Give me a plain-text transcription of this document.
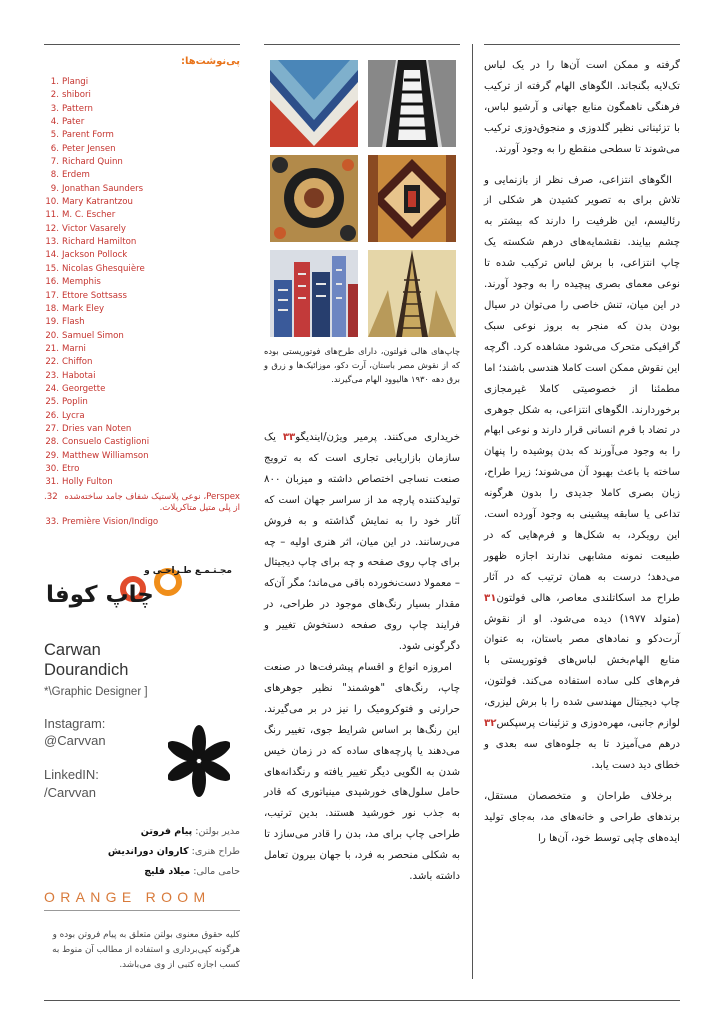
پی‌نوشت‌ها:
1. Plangi
2. shibori
3. Pattern
4. Pater
5. Parent Form
6. Peter Jensen
7. Richard Quinn
8. Erdem
9. Jonathan Saunders
10. Mary Katrantzou
11. M. C. Escher
12. Victor Vasarely
13. Richard Hamilton
14. Jackson Pollock
15. Nicolas Ghesquière
16. Memphis
17. Ettore Sottsass
18. Mark Eley
19. Flash
20. Samuel Simon
21. Marni
22. Chiffon
23. Habotai
24. Georgette
25. Poplin
26. Lycra
27. Dries van Noten
28. Consuelo Castiglioni
29. Matthew Williamson
30. Etro
31. Holly Fulton
32. Perspex، نوعی پلاستیک شفاف جامد ساخته‌شده از پلی متیل متاکریلات.
33. Première Vision/Indigo
مجـتـمـع طـراحـی و
چاپ کوفا
Carwan Dourandich
*\Graphic Designer ]
Instagram:
@Carvvan
LinkedIN:
/Carvvan
مدیر بولتن: پیام فروتن
طراح هنری: کاروان دوراندیش
حامی مالی: میلاد قلیچ
ORANGE ROOM
کلیه حقوق معنوی بولتن متعلق به پیام فروتن بوده و هرگونه کپی‌برداری و استفاده از مطالب آن منوط به کسب اجازه کتبی از وی می‌باشد.
چاپ‌های هالی فولتون، دارای طرح‌های فوتوریستی بوده که از نقوش مصر باستان، آرت دکو، موزائیک‌ها و زرق و برق دهه ۱۹۳۰ هالیوود الهام می‌گیرند.

خریداری می‌کنند. پرمیر ویژن/ایندیگو۳۳ یک سازمان بازاریابی تجاری است که به ترویج صنعت نساجی اختصاص داشته و میزبان ۸۰۰ تولیدکننده پارچه مد از سراسر جهان است که آثار خود را به نمایش گذاشته و به فروش می‌رسانند. در این میان، اثر هنری اولیه – چه برای چاپ روی صفحه و چه برای چاپ دیجیتال – معمولا دست‌نخورده باقی می‌ماند؛ مگر آن‌که مقدار بسیار رنگ‌های موجود در طراحی، در فرایند چاپ روی صفحه دستخوش تغییر و دگرگونی شود.

امروزه انواع و اقسام پیشرفت‌ها در صنعت چاپ، رنگ‌های "هوشمند" نظیر جوهرهای حرارتی و فتوکرومیک را نیز در بر می‌گیرند. این رنگ‌ها بر اساس شرایط جوی، تغییر رنگ می‌دهند یا پارچه‌های ساده که در زمان خیس شدن به الگویی دیگر تغییر یافته و رنگدانه‌های حامل سلول‌های خورشیدی مینیاتوری که قادر به جذب نور خورشید هستند. بدین ترتیب، طراحی چاپ برای مد، بدن را قادر می‌سازد تا به شکلی منحصر به فرد، با جهان بیرون تعامل داشته باشد.

گرفته و ممکن است آن‌ها را در یک لباس تک‌لایه بگنجاند. الگوهای الهام گرفته از ترکیب فرهنگی ناهمگون منابع جهانی و آرشیو لباس، با تزئیناتی نظیر گلدوزی و منجوق‌دوزی ترکیب می‌شوند تا سطحی منقطع را به وجود آورند.

الگوهای انتزاعی، صرف نظر از بازنمایی و تلاش برای به تصویر کشیدن هر شکلی از رئالیسم، این ظرفیت را دارند که بیشتر به چشم بیایند. نقشمایه‌های درهم شکسته یک چاپ انتزاعی، با برش لباس ترکیب شده تا نوعی معمای بصری پیچیده را به وجود آورند. در این میان، تنش خاصی را می‌توان در سیال بودن بدن که منجر به بروز نوعی سبک گرافیکی متحرک می‌شود مشاهده کرد. اگرچه این نقوش ممکن است کاملا هندسی باشند؛ اما مطمئنا از خصوصیتی کاملا غیرمجازی برخوردارند. الگوهای انتزاعی، به شکل جوهری در تضاد با فرم انسانی قرار دارند و نوعی ابهام را به وجود می‌آورند که بدن پوشیده را پنهان ساخته یا باعث بهبود آن می‌شوند؛ زیرا طراح، زبان بصری کاملا جدیدی را بدون هرگونه تداعی یا سابقه پیشینی به وجود آورده است. این رویکرد، به شکل‌ها و فرم‌هایی که در طبیعت نمونه مشابهی ندارند اجازه ظهور می‌دهد؛ درست به همان ترتیب که در آثار طراح مد اسکاتلندی معاصر، هالی فولتون۳۱ (متولد ۱۹۷۷) دیده می‌شود. او از نقوش آرت‌دکو و نمادهای مصر باستان، به عنوان منابع الهام‌بخش لباس‌های فوتوریستی با فرم‌های کلی ساده استفاده می‌کند. فولتون، چاپ دیجیتال مهندسی شده را با برش لیزری، لوازم جانبی، مهره‌دوزی و تزئینات پرسپکس۳۲ درهم می‌آمیزد تا به جلوه‌های سه بعدی و خطای دید دست یابد.

برخلاف طراحان و متخصصان مستقل، برندهای طراحی و خانه‌های مد، به‌جای تولید ایده‌های چاپی توسط خود، آن‌ها را
